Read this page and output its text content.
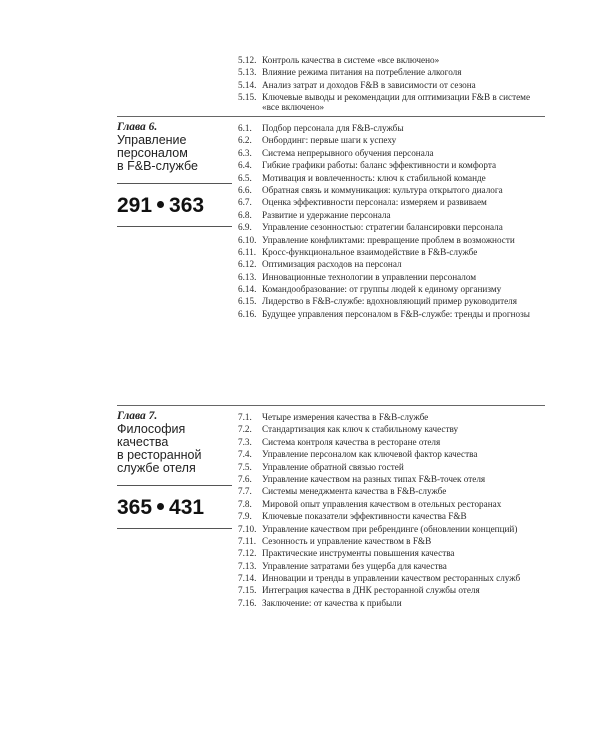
5.12. Контроль качества в системе «все включено»
5.13. Влияние режима питания на потребление алкоголя
5.14. Анализ затрат и доходов F&B в зависимости от сезона
5.15. Ключевые выводы и рекомендации для оптимизации F&B в системе «все включено»
Глава 6.
Управление
персоналом
в F&B-службе
291 363
6.1. Подбор персонала для F&B-службы
6.2. Онбординг: первые шаги к успеху
6.3. Система непрерывного обучения персонала
6.4. Гибкие графики работы: баланс эффективности и комфорта
6.5. Мотивация и вовлеченность: ключ к стабильной команде
6.6. Обратная связь и коммуникация: культура открытого диалога
6.7. Оценка эффективности персонала: измеряем и развиваем
6.8. Развитие и удержание персонала
6.9. Управление сезонностью: стратегии балансировки персонала
6.10. Управление конфликтами: превращение проблем в возможности
6.11. Кросс-функциональное взаимодействие в F&B-службе
6.12. Оптимизация расходов на персонал
6.13. Инновационные технологии в управлении персоналом
6.14. Командообразование: от группы людей к единому организму
6.15. Лидерство в F&B-службе: вдохновляющий пример руководителя
6.16. Будущее управления персоналом в F&B-службе: тренды и прогнозы
Глава 7.
Философия
качества
в ресторанной
службе отеля
365 431
7.1. Четыре измерения качества в F&B-службе
7.2. Стандартизация как ключ к стабильному качеству
7.3. Система контроля качества в ресторане отеля
7.4. Управление персоналом как ключевой фактор качества
7.5. Управление обратной связью гостей
7.6. Управление качеством на разных типах F&B-точек отеля
7.7. Системы менеджмента качества в F&B-службе
7.8. Мировой опыт управления качеством в отельных ресторанах
7.9. Ключевые показатели эффективности качества F&B
7.10. Управление качеством при ребрендинге (обновлении концепций)
7.11. Сезонность и управление качеством в F&B
7.12. Практические инструменты повышения качества
7.13. Управление затратами без ущерба для качества
7.14. Инновации и тренды в управлении качеством ресторанных служб
7.15. Интеграция качества в ДНК ресторанной службы отеля
7.16. Заключение: от качества к прибыли
